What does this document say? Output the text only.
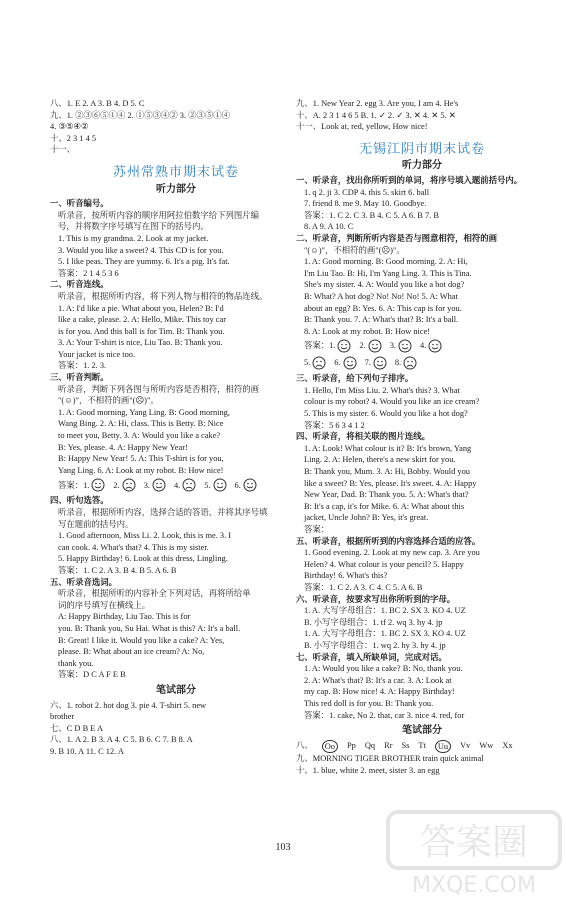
八、1. E 2. A 3. B 4. D 5. C
九、1. ②③⑥⑤①④ 2. ①⑤③④② 3. ②③⑤①④
4. ③⑤④②
十、2 3 1 4 5
十一、
苏州常熟市期末试卷
听力部分
一、听音编号。
听录音，按所听内容的顺序用阿拉伯数字给下列图片编
号，并将数字序号填写在图下的括号内。
1. This is my grandma. 2. Look at my jacket.
3. Would you like a sweet? 4. This CD is for you.
5. I like peas. They are yummy. 6. It's a pig. It's fat.
答案：2 1 4 5 3 6
二、听音连线。
听录音，根据所听内容，将下列人物与相符的物品连线。
1. A: I'd like a pie. What about you, Helen? B: I'd
like a cake, please. 2. A: Hello, Mike. This toy car
is for you. And this ball is for Tim. B: Thank you.
3. A: Your T-shirt is nice, Liu Tao. B: Thank you.
Your jacket is nice too.
答案：1. 2. 3.
三、听音判断。
听录音，判断下列各图与所听内容是否相符，相符的画
"(☺)"，不相符的画"(☹)"。
1. A: Good morning, Yang Ling. B: Good morning,
Wang Bing. 2. A: Hi, class. This is Betty. B: Nice
to meet you, Betty. 3. A: Would you like a cake?
B: Yes, please. 4. A: Happy New Year!
B: Happy New Year! 5. A: This T-shirt is for you,
Yang Ling. 6. A: Look at my robot. B: How nice!
答案：1.	2.	3.	4.	5.	6.
四、听句选答。
听录音，根据所听内容，选择合适的答语，并将其序号填
写在题前的括号内。
1. Good afternoon, Miss Li. 2. Look, this is me. 3. I
can cook. 4. What's that? 4. This is my sister.
5. Happy Birthday! 6. Look at this dress, Lingling.
答案：1. C 2. A 3. B 4. B 5. A 6. B
五、听录音选词。
听录音，根据所听的内容补全下列对话，再将所给单
词的序号填写在横线上。
A: Happy Birthday, Liu Tao. This is for
you. B: Thank you, Su Hai. What is this? A: It's a ball.
B: Great! I like it. Would you like a cake? A: Yes,
please. B: What about an ice cream? A: No,
thank you.
答案：D C A F E B
笔试部分
六、1. robot 2. hot dog 3. pie 4. T-shirt 5. new
brother
七、C D B E A
八、1. A 2. B 3. A 4. C 5. B 6. C 7. B 8. A
9. B 10. A 11. C 12. A
九、1. New Year 2. egg 3. Are you, I am 4. He's
十、A. 2 3 1 4 6 5 B. 1. ✓ 2. ✓ 3. ✕ 4. ✕ 5. ✕
十一、Look at, red, yellow, How nice!
无锡江阴市期末试卷
听力部分
一、听录音，找出你所听到的单词，将序号填入题前括号内。
1. q 2. ji 3. CDP 4. this 5. skirt 6. ball
7. friend 8. me 9. May 10. Goodbye.
答案：1. C 2. C 3. B 4. C 5. A 6. B 7. B
8. A 9. A 10. C
二、听录音，判断所听内容是否与图意相符，相符的画
"(☺)"，不相符的画"(☹)"。
1. A: Good morning. B: Good morning. 2. A: Hi,
I'm Liu Tao. B: Hi, I'm Yang Ling. 3. This is Tina.
She's my sister. 4. A: Would you like a hot dog?
B: What? A hot dog? No! No! No! 5. A: What
about an egg? B: Yes. 6. A: This cap is for you.
B: Thank you. 7. A: What's that? B: It's a ball.
8. A: Look at my robot. B: How nice!
答案：1.	2.	3.	4.
5.	6.	7.	8.
三、听录音，给下列句子排序。
1. Hello, I'm Miss Liu. 2. What's this? 3. What
colour is my robot? 4. Would you like an ice cream?
5. This is my sister. 6. Would you like a hot dog?
答案：5 6 3 4 1 2
四、听录音，将相关联的图片连线。
1. A: Look! What colour is it? B: It's brown, Yang
Ling. 2. A: Helen, there's a new skirt for you.
B: Thank you, Mum. 3. A: Hi, Bobby. Would you
like a sweet? B: Yes, please. It's sweet. 4. A: Happy
New Year, Dad. B: Thank you. 5. A: What's that?
B: It's a cap, it's for Mike. 6. A: What about this
jacket, Uncle John? B: Yes, it's great.
答案：
五、听录音，根据所听到的内容选择合适的应答。
1. Good evening. 2. Look at my new cap. 3. Are you
Helen? 4. What colour is your pencil? 5. Happy
Birthday! 6. What's this?
答案：1. C 2. A 3. C 4. C 5. A 6. B
六、听录音，按要求写出你所听到的字母。
1. A. 大写字母组合：1. BC 2. SX 3. KO 4. UZ
B. 小写字母组合：1. tf 2. wq 3. hy 4. jp
1. A. 大写字母组合：1. BC 2. SX 3. KO 4. UZ
B. 小写字母组合：1. wq 2. hy 3. hy 4. jp
七、听录音，填入所缺单词，完成对话。
1. A: Would you like a cake? B: No, thank you.
2. A: What's that? B: It's a car. 3. A: Look at
my cap. B: How nice! 4. A: Happy Birthday!
This red doll is for you. B: Thank you.
答案：1. cake, No 2. that, car 3. nice 4. red, for
笔试部分
八、	Oo	Pp Qq Rr Ss Tt	Uu	Vv Ww Xx
九、MORNING TIGER BROTHER train quick animal
十、1. blue, white 2. meet, sister 3. an egg
103	答案圈
MXQE.COM
